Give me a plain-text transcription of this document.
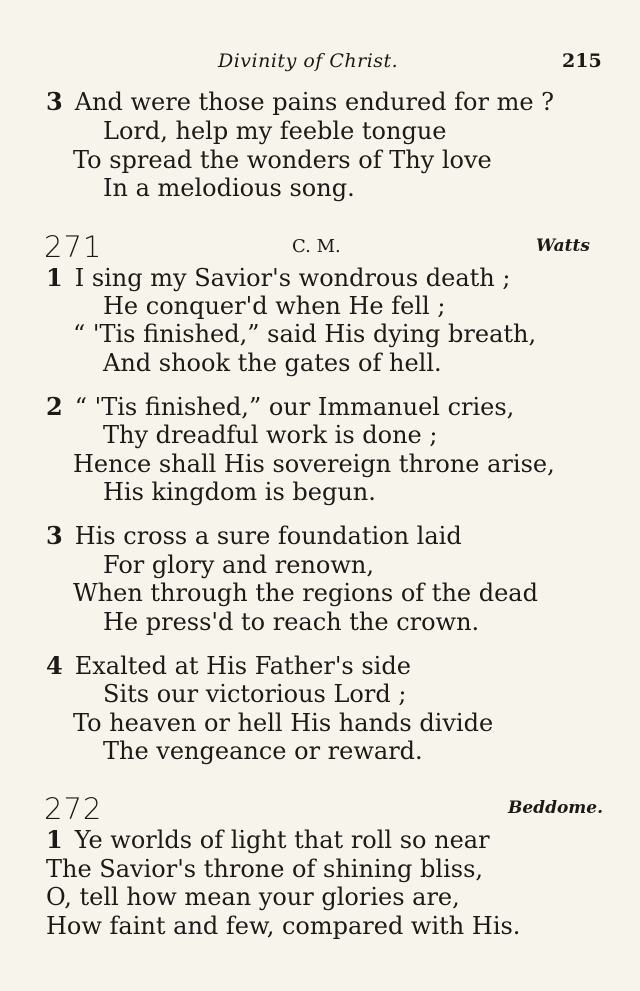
Divinity of Christ.	215
3 And were those pains endured for me ?
Lord, help my feeble tongue
To spread the wonders of Thy love
In a melodious song.
271	C. M.	Watts
1 I sing my Savior's wondrous death ;
He conquer'd when He fell ;
“ 'Tis finished,” said His dying breath,
And shook the gates of hell.
2 “ 'Tis finished,” our Immanuel cries,
Thy dreadful work is done ;
Hence shall His sovereign throne arise,
His kingdom is begun.
3 His cross a sure foundation laid
For glory and renown,
When through the regions of the dead
He press'd to reach the crown.
4 Exalted at His Father's side
Sits our victorious Lord ;
To heaven or hell His hands divide
The vengeance or reward.
272	Beddome.
1 Ye worlds of light that roll so near
The Savior's throne of shining bliss,
O, tell how mean your glories are,
How faint and few, compared with His.
